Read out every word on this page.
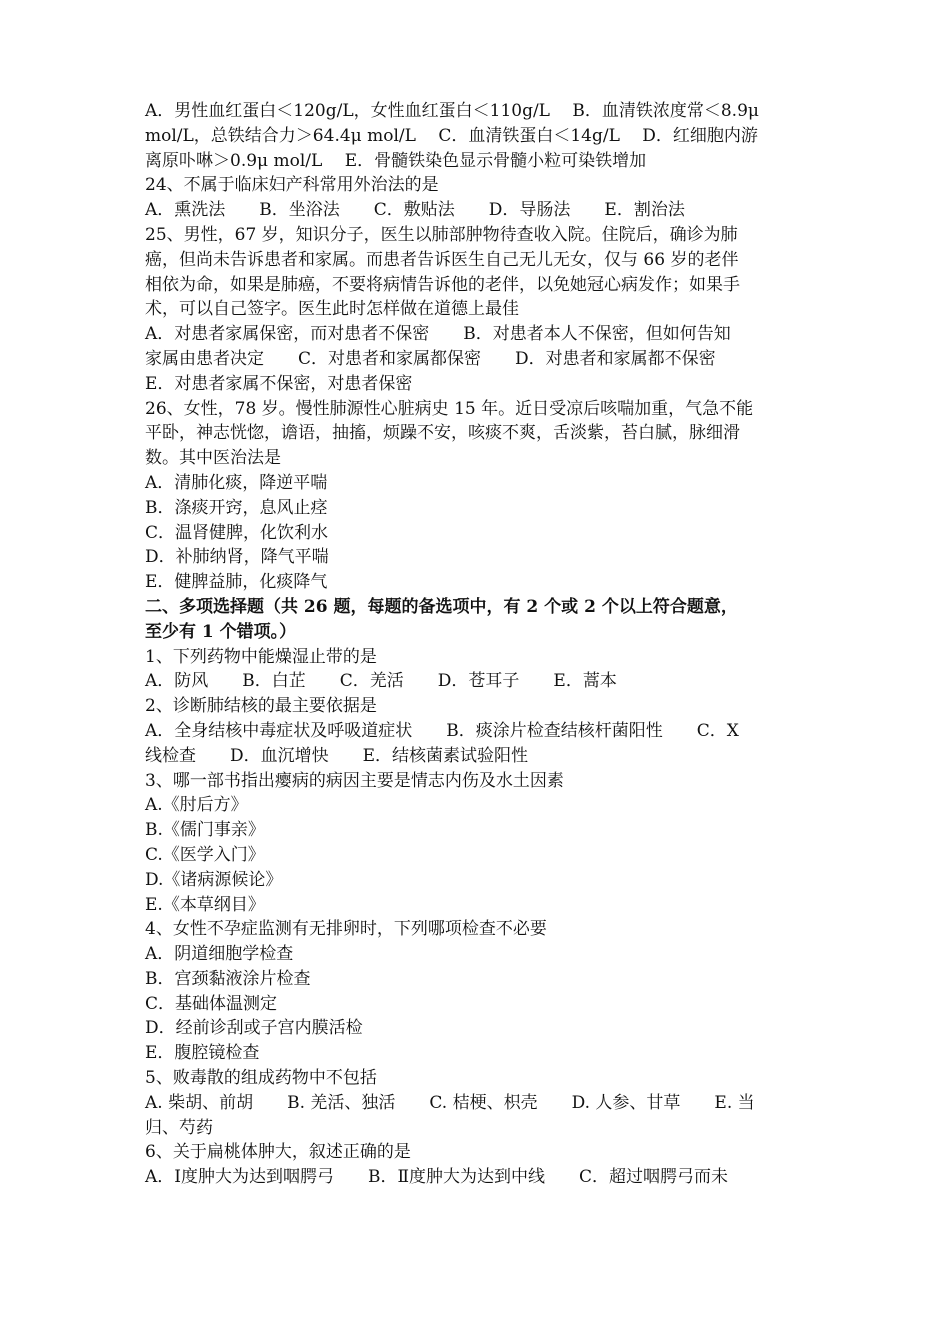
A．男性血红蛋白＜120g/L，女性血红蛋白＜110g/L　 B．血清铁浓度常＜8.9μ
mol/L，总铁结合力＞64.4μ mol/L　 C．血清铁蛋白＜14g/L　 D．红细胞内游
离原卟啉＞0.9μ mol/L　 E．骨髓铁染色显示骨髓小粒可染铁增加
24、不属于临床妇产科常用外治法的是
A．熏洗法　　B．坐浴法　　C．敷贴法　　D．导肠法　　E．割治法
25、男性，67 岁，知识分子，医生以肺部肿物待查收入院。住院后，确诊为肺
癌，但尚未告诉患者和家属。而患者告诉医生自己无儿无女，仅与 66 岁的老伴
相依为命，如果是肺癌，不要将病情告诉他的老伴，以免她冠心病发作；如果手
术，可以自己签字。医生此时怎样做在道德上最佳
A．对患者家属保密，而对患者不保密　　B．对患者本人不保密，但如何告知
家属由患者决定　　C．对患者和家属都保密　　D．对患者和家属都不保密
E．对患者家属不保密，对患者保密
26、女性，78 岁。慢性肺源性心脏病史 15 年。近日受凉后咳喘加重，气急不能
平卧，神志恍惚，谵语，抽搐，烦躁不安，咳痰不爽，舌淡紫，苔白腻，脉细滑
数。其中医治法是
A．清肺化痰，降逆平喘
B．涤痰开窍，息风止痉
C．温肾健脾，化饮利水
D．补肺纳肾，降气平喘
E．健脾益肺，化痰降气
二、多项选择题（共 26 题，每题的备选项中，有 2 个或 2 个以上符合题意，
至少有 1 个错项。）
1、下列药物中能燥湿止带的是
A．防风　　B．白芷　　C．羌活　　D．苍耳子　　E．蒿本
2、诊断肺结核的最主要依据是
A．全身结核中毒症状及呼吸道症状　　B．痰涂片检查结核杆菌阳性　　C．X
线检查　　D．血沉增快　　E．结核菌素试验阳性
3、哪一部书指出瘿病的病因主要是情志内伤及水土因素
A.《肘后方》
B.《儒门事亲》
C.《医学入门》
D.《诸病源候论》
E.《本草纲目》
4、女性不孕症监测有无排卵时，下列哪项检查不必要
A．阴道细胞学检查
B．宫颈黏液涂片检查
C．基础体温测定
D．经前诊刮或子宫内膜活检
E．腹腔镜检查
5、败毒散的组成药物中不包括
A. 柴胡、前胡　　B. 羌活、独活　　C. 桔梗、枳壳　　D. 人参、甘草　　E. 当
归、芍药
6、关于扁桃体肿大，叙述正确的是
A．Ⅰ度肿大为达到咽腭弓　　B．Ⅱ度肿大为达到中线　　C．超过咽腭弓而未
